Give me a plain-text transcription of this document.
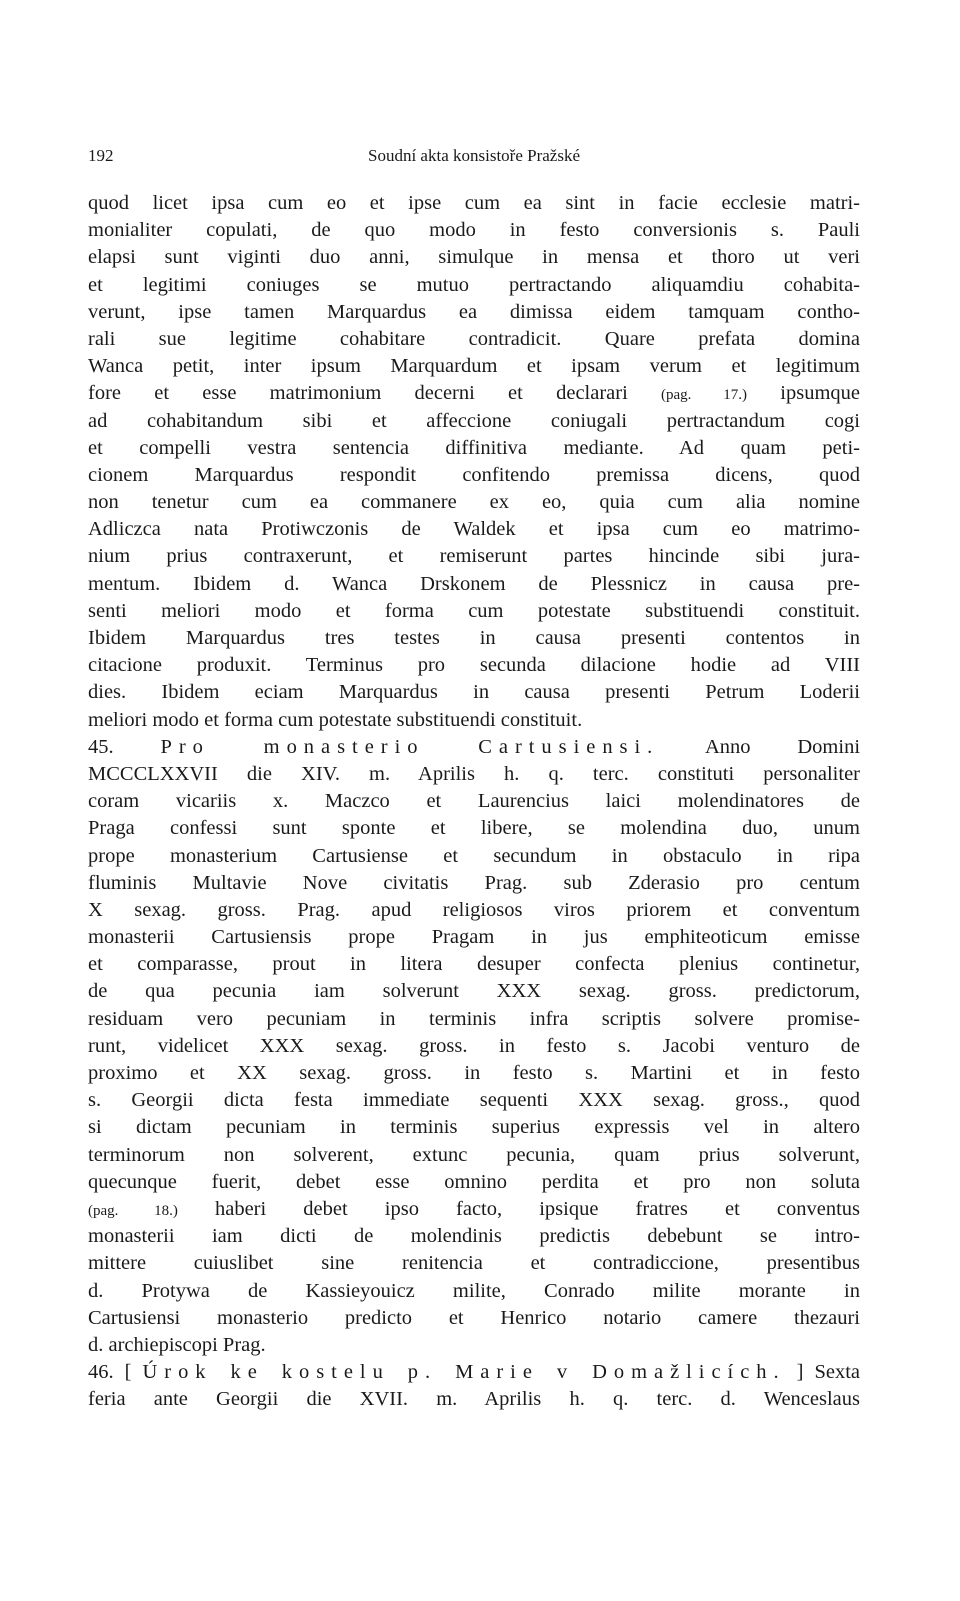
192	Soudní akta konsistoře Pražské
quod licet ipsa cum eo et ipse cum ea sint in facie ecclesie matri-
monialiter copulati, de quo modo in festo conversionis s. Pauli
elapsi sunt viginti duo anni, simulque in mensa et thoro ut veri
et legitimi coniuges se mutuo pertractando aliquamdiu cohabita-
verunt, ipse tamen Marquardus ea dimissa eidem tamquam contho-
rali sue legitime cohabitare contradicit. Quare prefata domina
Wanca petit, inter ipsum Marquardum et ipsam verum et legitimum
fore et esse matrimonium decerni et declarari (pag. 17.) ipsumque
ad cohabitandum sibi et affeccione coniugali pertractandum cogi
et compelli vestra sentencia diffinitiva mediante. Ad quam peti-
cionem Marquardus respondit confitendo premissa dicens, quod
non tenetur cum ea commanere ex eo, quia cum alia nomine
Adliczca nata Protiwczonis de Waldek et ipsa cum eo matrimo-
nium prius contraxerunt, et remiserunt partes hincinde sibi jura-
mentum. Ibidem d. Wanca Drskonem de Plessnicz in causa pre-
senti meliori modo et forma cum potestate substituendi constituit.
Ibidem Marquardus tres testes in causa presenti contentos in
citacione produxit. Terminus pro secunda dilacione hodie ad VIII
dies. Ibidem eciam Marquardus in causa presenti Petrum Loderii
meliori modo et forma cum potestate substituendi constituit.
45. Pro monasterio Cartusiensi. Anno Domini
MCCCLXXVII die XIV. m. Aprilis h. q. terc. constituti personaliter
coram vicariis x. Maczco et Laurencius laici molendinatores de
Praga confessi sunt sponte et libere, se molendina duo, unum
prope monasterium Cartusiense et secundum in obstaculo in ripa
fluminis Multavie Nove civitatis Prag. sub Zderasio pro centum
X sexag. gross. Prag. apud religiosos viros priorem et conventum
monasterii Cartusiensis prope Pragam in jus emphiteoticum emisse
et comparasse, prout in litera desuper confecta plenius continetur,
de qua pecunia iam solverunt XXX sexag. gross. predictorum,
residuam vero pecuniam in terminis infra scriptis solvere promise-
runt, videlicet XXX sexag. gross. in festo s. Jacobi venturo de
proximo et XX sexag. gross. in festo s. Martini et in festo
s. Georgii dicta festa immediate sequenti XXX sexag. gross., quod
si dictam pecuniam in terminis superius expressis vel in altero
terminorum non solverent, extunc pecunia, quam prius solverunt,
quecunque fuerit, debet esse omnino perdita et pro non soluta
(pag. 18.) haberi debet ipso facto, ipsique fratres et conventus
monasterii iam dicti de molendinis predictis debebunt se intro-
mittere cuiuslibet sine renitencia et contradiccione, presentibus
d. Protywa de Kassieyouicz milite, Conrado milite morante in
Cartusiensi monasterio predicto et Henrico notario camere thezauri
d. archiepiscopi Prag.
46. [ Úrok ke kostelu p. Marie v Domažlicích. ] Sexta
feria ante Georgii die XVII. m. Aprilis h. q. terc. d. Wenceslaus
